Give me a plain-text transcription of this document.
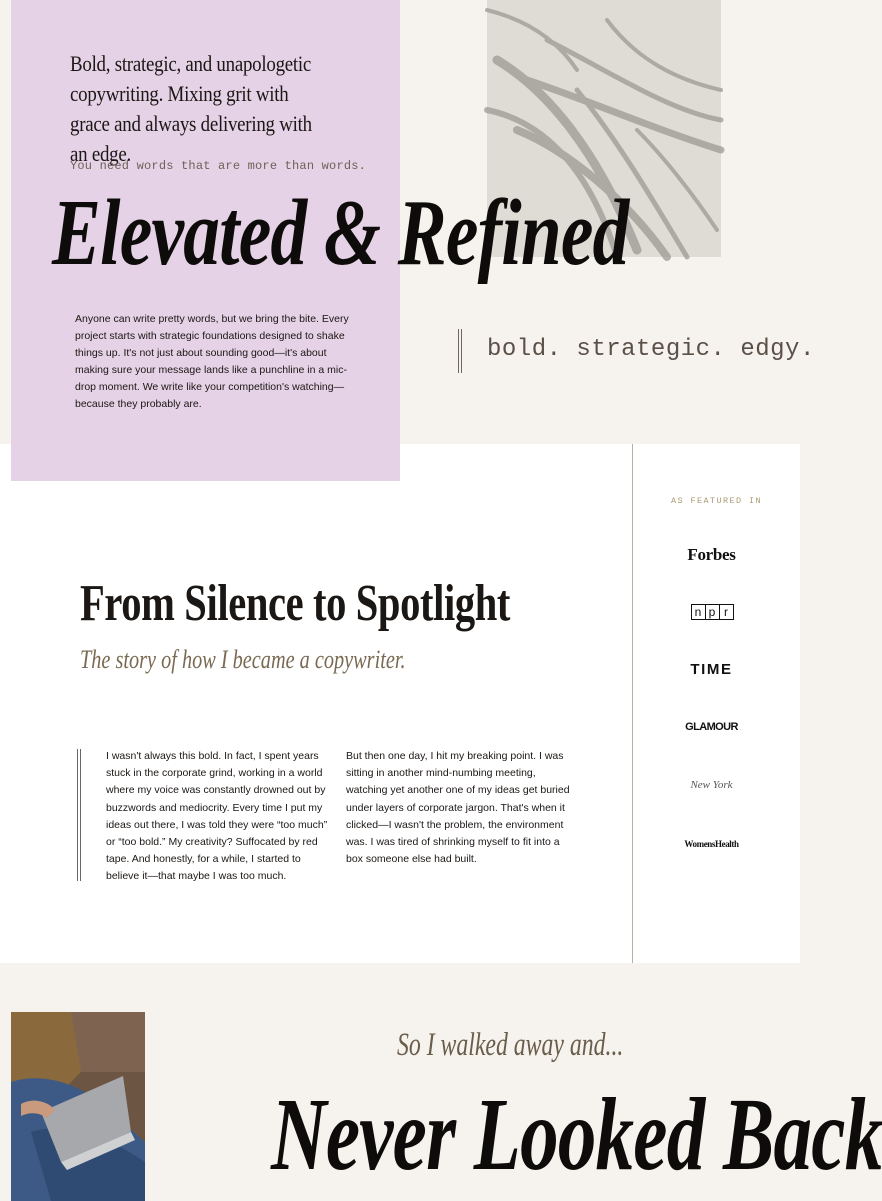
Bold, strategic, and unapologetic copywriting. Mixing grit with grace and always delivering with an edge.

You need words that are more than words.

Elevated & Refined

Anyone can write pretty words, but we bring the bite. Every project starts with strategic foundations designed to shake things up. It's not just about sounding good—it's about making sure your message lands like a punchline in a mic-drop moment. We write like your competition's watching—because they probably are.

bold. strategic. edgy.

AS FEATURED IN

Forbes
n p r
TIME
GLAMOUR
New York
WomensHealth
From Silence to Spotlight

The story of how I became a copywriter.

I wasn't always this bold. In fact, I spent years stuck in the corporate grind, working in a world where my voice was constantly drowned out by buzzwords and mediocrity. Every time I put my ideas out there, I was told they were “too much” or “too bold.” My creativity? Suffocated by red tape. And honestly, for a while, I started to believe it—that maybe I was too much.

But then one day, I hit my breaking point. I was sitting in another mind-numbing meeting, watching yet another one of my ideas get buried under layers of corporate jargon. That's when it clicked—I wasn't the problem, the environment was. I was tired of shrinking myself to fit into a box someone else had built.

So I walked away and...

Never Looked Back
